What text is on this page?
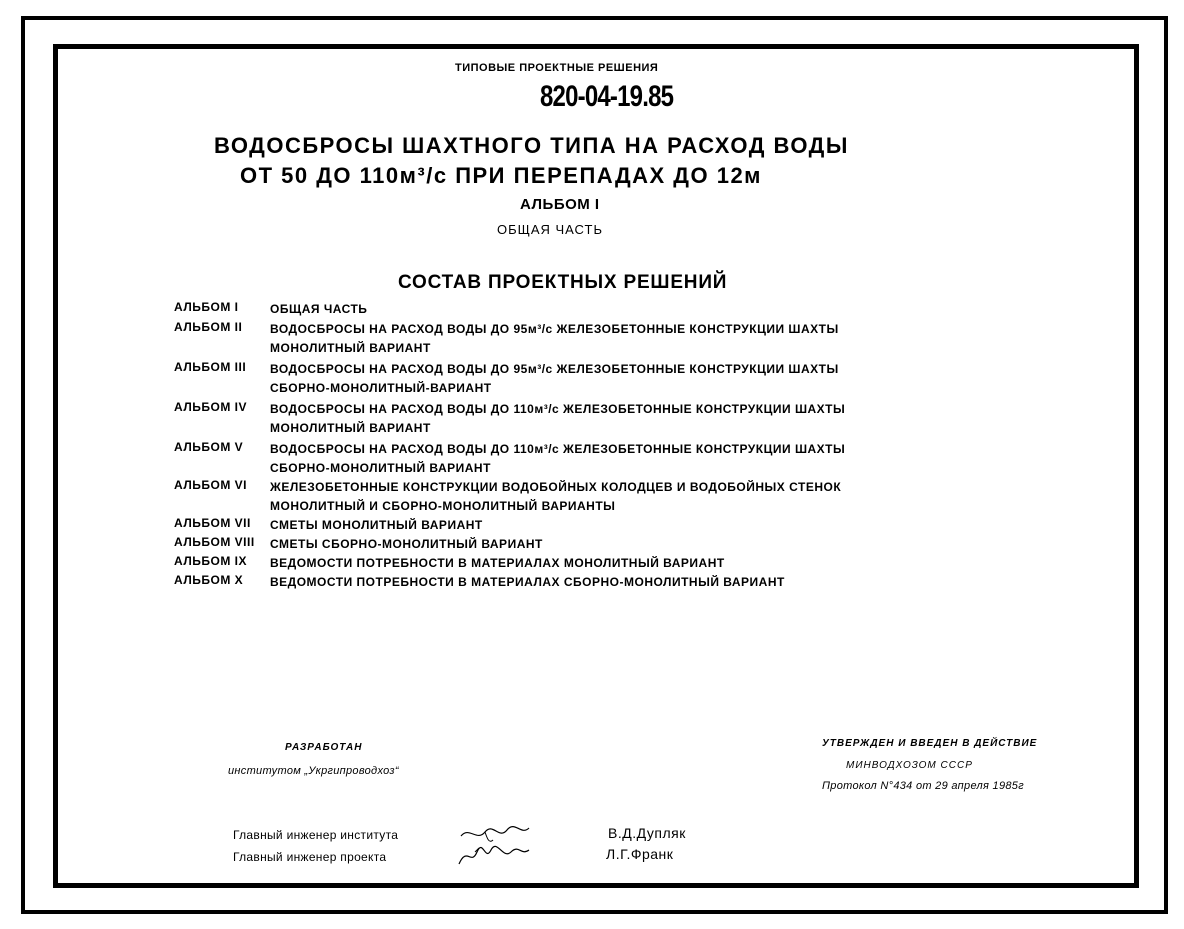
ТИПОВЫЕ ПРОЕКТНЫЕ РЕШЕНИЯ
820-04-19.85
ВОДОСБРОСЫ ШАХТНОГО ТИПА НА РАСХОД ВОДЫ
ОТ 50 ДО 110м³/с ПРИ ПЕРЕПАДАХ ДО 12м
АЛЬБОМ I
ОБЩАЯ ЧАСТЬ
СОСТАВ ПРОЕКТНЫХ РЕШЕНИЙ
АЛЬБОМ I	ОБЩАЯ ЧАСТЬ
АЛЬБОМ II ВОДОСБРОСЫ НА РАСХОД ВОДЫ ДО 95м³/с ЖЕЛЕЗОБЕТОННЫЕ КОНСТРУКЦИИ ШАХТЫ
МОНОЛИТНЫЙ ВАРИАНТ
АЛЬБОМ III ВОДОСБРОСЫ НА РАСХОД ВОДЫ ДО 95м³/с ЖЕЛЕЗОБЕТОННЫЕ КОНСТРУКЦИИ ШАХТЫ
СБОРНО-МОНОЛИТНЫЙ-ВАРИАНТ
АЛЬБОМ IV ВОДОСБРОСЫ НА РАСХОД ВОДЫ ДО 110м³/с ЖЕЛЕЗОБЕТОННЫЕ КОНСТРУКЦИИ ШАХТЫ
МОНОЛИТНЫЙ ВАРИАНТ
АЛЬБОМ V ВОДОСБРОСЫ НА РАСХОД ВОДЫ ДО 110м³/с ЖЕЛЕЗОБЕТОННЫЕ КОНСТРУКЦИИ ШАХТЫ
СБОРНО-МОНОЛИТНЫЙ ВАРИАНТ
АЛЬБОМ VI ЖЕЛЕЗОБЕТОННЫЕ КОНСТРУКЦИИ ВОДОБОЙНЫХ КОЛОДЦЕВ И ВОДОБОЙНЫХ СТЕНОК
МОНОЛИТНЫЙ И СБОРНО-МОНОЛИТНЫЙ ВАРИАНТЫ
АЛЬБОМ VII СМЕТЫ МОНОЛИТНЫЙ ВАРИАНТ
АЛЬБОМ VIII СМЕТЫ СБОРНО-МОНОЛИТНЫЙ ВАРИАНТ
АЛЬБОМ IX ВЕДОМОСТИ ПОТРЕБНОСТИ В МАТЕРИАЛАХ МОНОЛИТНЫЙ ВАРИАНТ
АЛЬБОМ X ВЕДОМОСТИ ПОТРЕБНОСТИ В МАТЕРИАЛАХ СБОРНО-МОНОЛИТНЫЙ ВАРИАНТ
РАЗРАБОТАН
институтом „Укргипроводхоз“
УТВЕРЖДЕН И ВВЕДЕН В ДЕЙСТВИЕ
МИНВОДХОЗОМ СССР
Протокол N°434 от 29 апреля 1985г
Главный инженер института
Главный инженер проекта
В.Д.Дупляк
Л.Г.Франк
